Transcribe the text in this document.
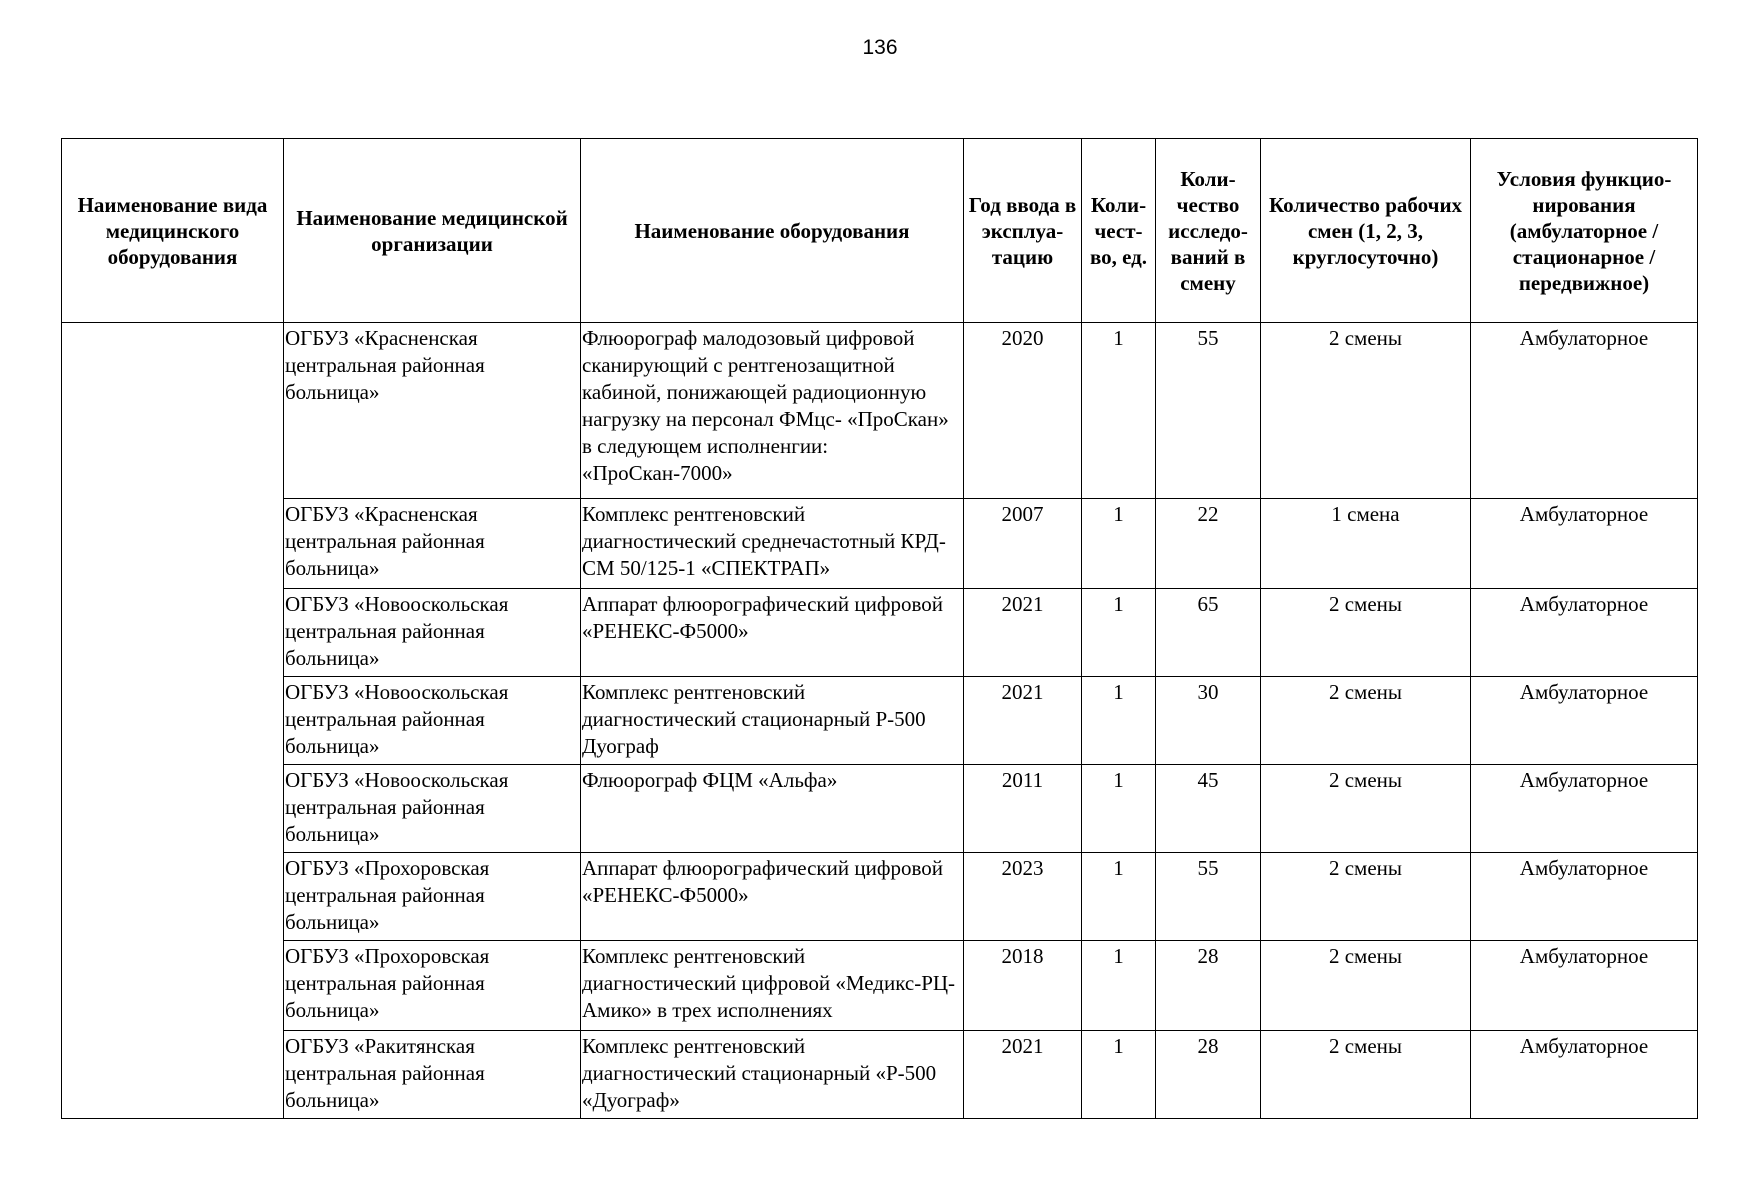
136
Наименование вида медицинского оборудования	Наименование медицинской организации	Наименование оборудования	Год ввода в эксплуа-тацию	Коли-чест-во, ед.	Коли-чество исследо-ваний в смену	Количество рабочих смен (1, 2, 3, круглосуточно)	Условия функцио-нирования (амбулаторное / стационарное / передвижное)
	ОГБУЗ «Красненская центральная районная больница»	Флюорограф малодозовый цифровой сканирующий с рентгенозащитной кабиной, понижающей радиоционную нагрузку на персонал ФМцс- «ПроСкан» в следующем исполненгии: «ПроСкан-7000»	2020	1	55	2 смены	Амбулаторное
	ОГБУЗ «Красненская центральная районная больница»	Комплекс рентгеновский диагностический среднечастотный КРД-СМ 50/125-1 «СПЕКТРАП»	2007	1	22	1 смена	Амбулаторное
	ОГБУЗ «Новооскольская центральная районная больница»	Аппарат флюорографический цифровой «РЕНЕКС-Ф5000»	2021	1	65	2 смены	Амбулаторное
	ОГБУЗ «Новооскольская центральная районная больница»	Комплекс рентгеновский диагностический стационарный Р-500 Дуограф	2021	1	30	2 смены	Амбулаторное
	ОГБУЗ «Новооскольская центральная районная больница»	Флюорограф ФЦМ «Альфа»	2011	1	45	2 смены	Амбулаторное
	ОГБУЗ «Прохоровская центральная районная больница»	Аппарат флюорографический цифровой «РЕНЕКС-Ф5000»	2023	1	55	2 смены	Амбулаторное
	ОГБУЗ «Прохоровская центральная районная больница»	Комплекс рентгеновский диагностический цифровой «Медикс-РЦ-Амико» в трех исполнениях	2018	1	28	2 смены	Амбулаторное
	ОГБУЗ «Ракитянская центральная районная больница»	Комплекс рентгеновский диагностический стационарный «Р-500 «Дуограф»	2021	1	28	2 смены	Амбулаторное
